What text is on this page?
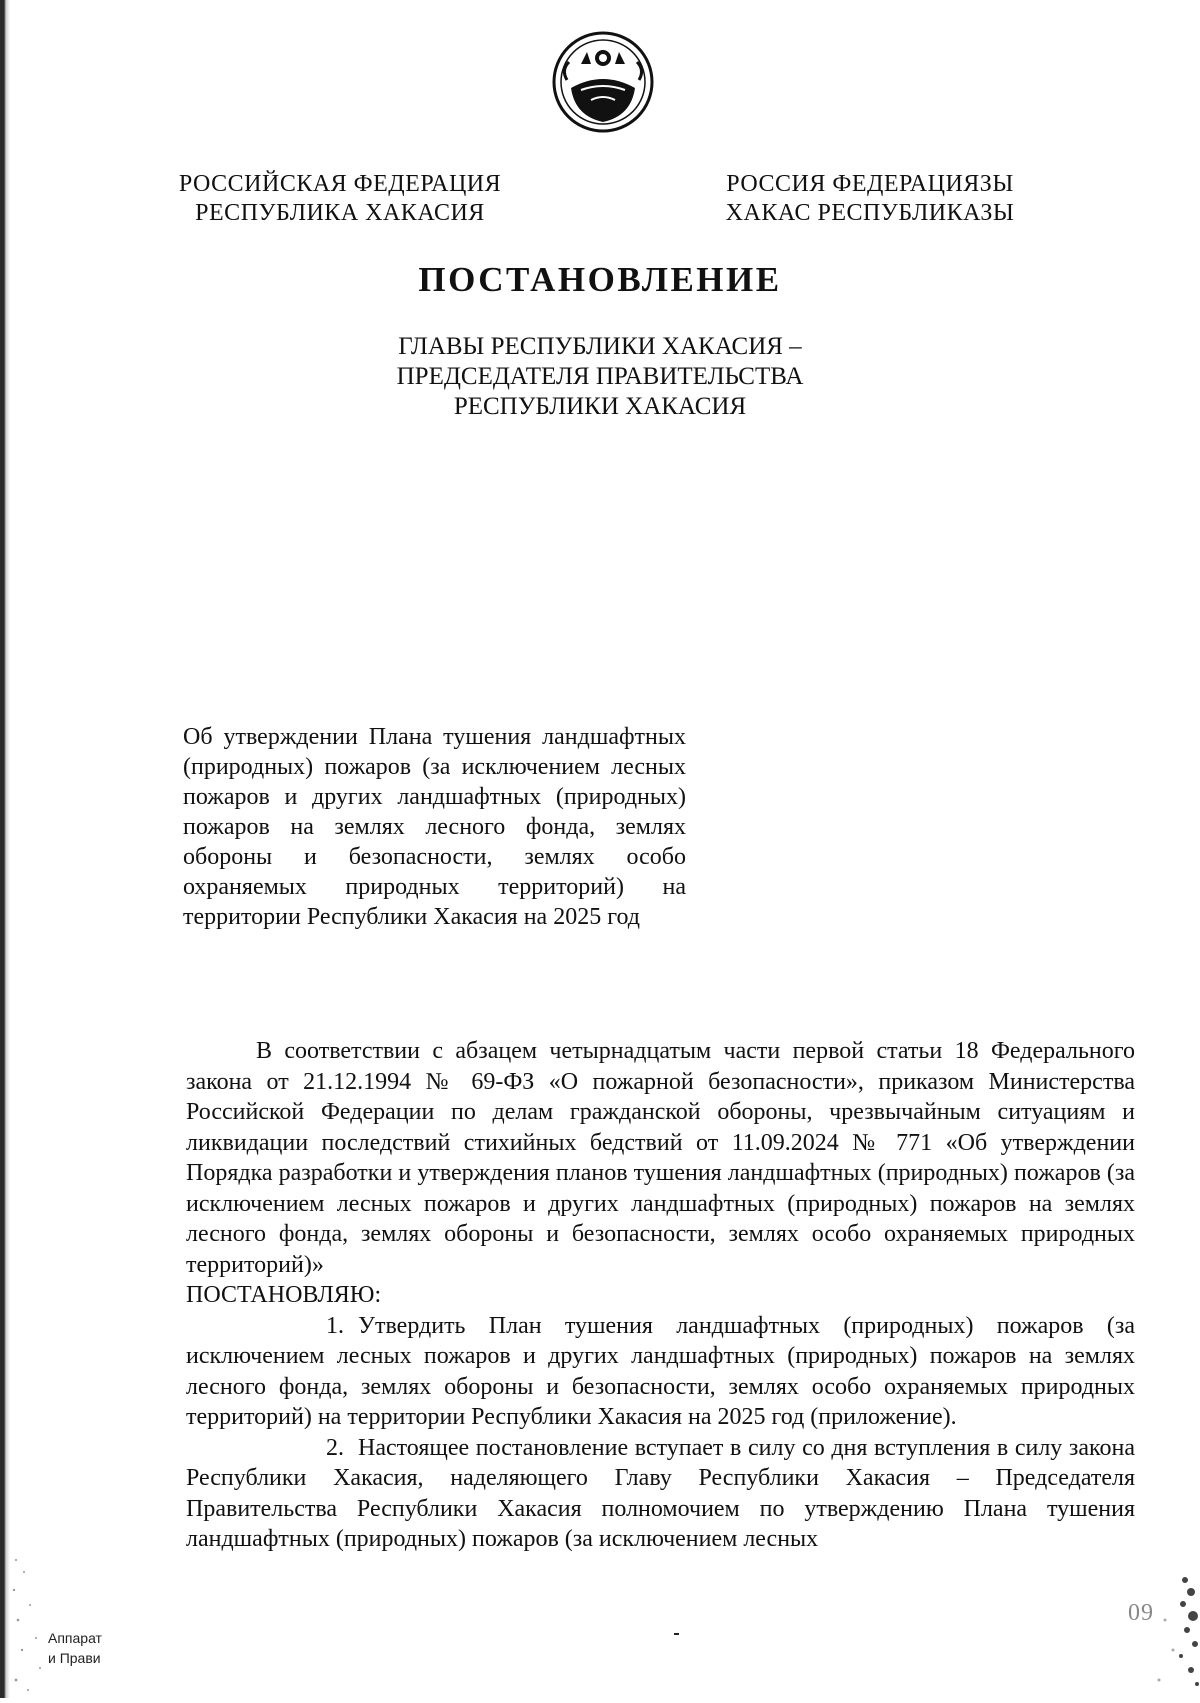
РОССИЙСКАЯ ФЕДЕРАЦИЯ
РЕСПУБЛИКА ХАКАСИЯ
РОССИЯ ФЕДЕРАЦИЯЗЫ
ХАКАС РЕСПУБЛИКАЗЫ
ПОСТАНОВЛЕНИЕ
ГЛАВЫ РЕСПУБЛИКИ ХАКАСИЯ –
ПРЕДСЕДАТЕЛЯ ПРАВИТЕЛЬСТВА
РЕСПУБЛИКИ ХАКАСИЯ
Об утверждении Плана тушения ландшафтных (природных) пожаров (за исключением лесных пожаров и других ландшафтных (природных) пожаров на землях лесного фонда, землях обороны и безопасности, землях особо охраняемых природных территорий) на территории Республики Хакасия на 2025 год

В соответствии с абзацем четырнадцатым части первой статьи 18 Федерального закона от 21.12.1994 № 69-ФЗ «О пожарной безопасности», приказом Министерства Российской Федерации по делам гражданской обороны, чрезвычайным ситуациям и ликвидации последствий стихийных бедствий от 11.09.2024 № 771 «Об утверждении Порядка разработки и утверждения планов тушения ландшафтных (природных) пожаров (за исключением лесных пожаров и других ландшафтных (природных) пожаров на землях лесного фонда, землях обороны и безопасности, землях особо охраняемых природных территорий)»

ПОСТАНОВЛЯЮ:

1. Утвердить План тушения ландшафтных (природных) пожаров (за исключением лесных пожаров и других ландшафтных (природных) пожаров на землях лесного фонда, землях обороны и безопасности, землях особо охраняемых природных территорий) на территории Республики Хакасия на 2025 год (приложение).

2. Настоящее постановление вступает в силу со дня вступления в силу закона Республики Хакасия, наделяющего Главу Республики Хакасия – Председателя Правительства Республики Хакасия полномочием по утверждению Плана тушения ландшафтных (природных) пожаров (за исключением лесных

Аппарат
и Прави
09
